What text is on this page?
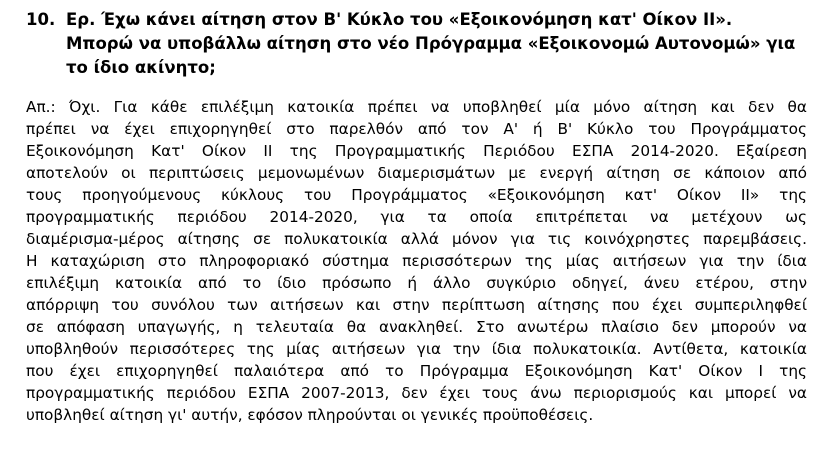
10. Ερ. Έχω κάνει αίτηση στον Β' Κύκλο του «Εξοικονόμηση κατ' Οίκον ΙΙ».
Μπορώ να υποβάλλω αίτηση στο νέο Πρόγραμμα «Εξοικονομώ Αυτονομώ» για
το ίδιο ακίνητο;
Απ.: Όχι. Για κάθε επιλέξιμη κατοικία πρέπει να υποβληθεί μία μόνο αίτηση και δεν θα
πρέπει να έχει επιχορηγηθεί στο παρελθόν από τον Α' ή Β' Κύκλο του Προγράμματος
Εξοικονόμηση Κατ' Οίκον ΙΙ της Προγραμματικής Περιόδου ΕΣΠΑ 2014-2020. Εξαίρεση
αποτελούν οι περιπτώσεις μεμονωμένων διαμερισμάτων με ενεργή αίτηση σε κάποιον από
τους προηγούμενους κύκλους του Προγράμματος «Εξοικονόμηση κατ' Οίκον ΙΙ» της
προγραμματικής περιόδου 2014-2020, για τα οποία επιτρέπεται να μετέχουν ως
διαμέρισμα-μέρος αίτησης σε πολυκατοικία αλλά μόνον για τις κοινόχρηστες παρεμβάσεις.
Η καταχώριση στο πληροφοριακό σύστημα περισσότερων της μίας αιτήσεων για την ίδια
επιλέξιμη κατοικία από το ίδιο πρόσωπο ή άλλο συγκύριο οδηγεί, άνευ ετέρου, στην
απόρριψη του συνόλου των αιτήσεων και στην περίπτωση αίτησης που έχει συμπεριληφθεί
σε απόφαση υπαγωγής, η τελευταία θα ανακληθεί. Στο ανωτέρω πλαίσιο δεν μπορούν να
υποβληθούν περισσότερες της μίας αιτήσεων για την ίδια πολυκατοικία. Αντίθετα, κατοικία
που έχει επιχορηγηθεί παλαιότερα από το Πρόγραμμα Εξοικονόμηση Κατ' Οίκον Ι της
προγραμματικής περιόδου ΕΣΠΑ 2007-2013, δεν έχει τους άνω περιορισμούς και μπορεί να
υποβληθεί αίτηση γι' αυτήν, εφόσον πληρούνται οι γενικές προϋποθέσεις.
